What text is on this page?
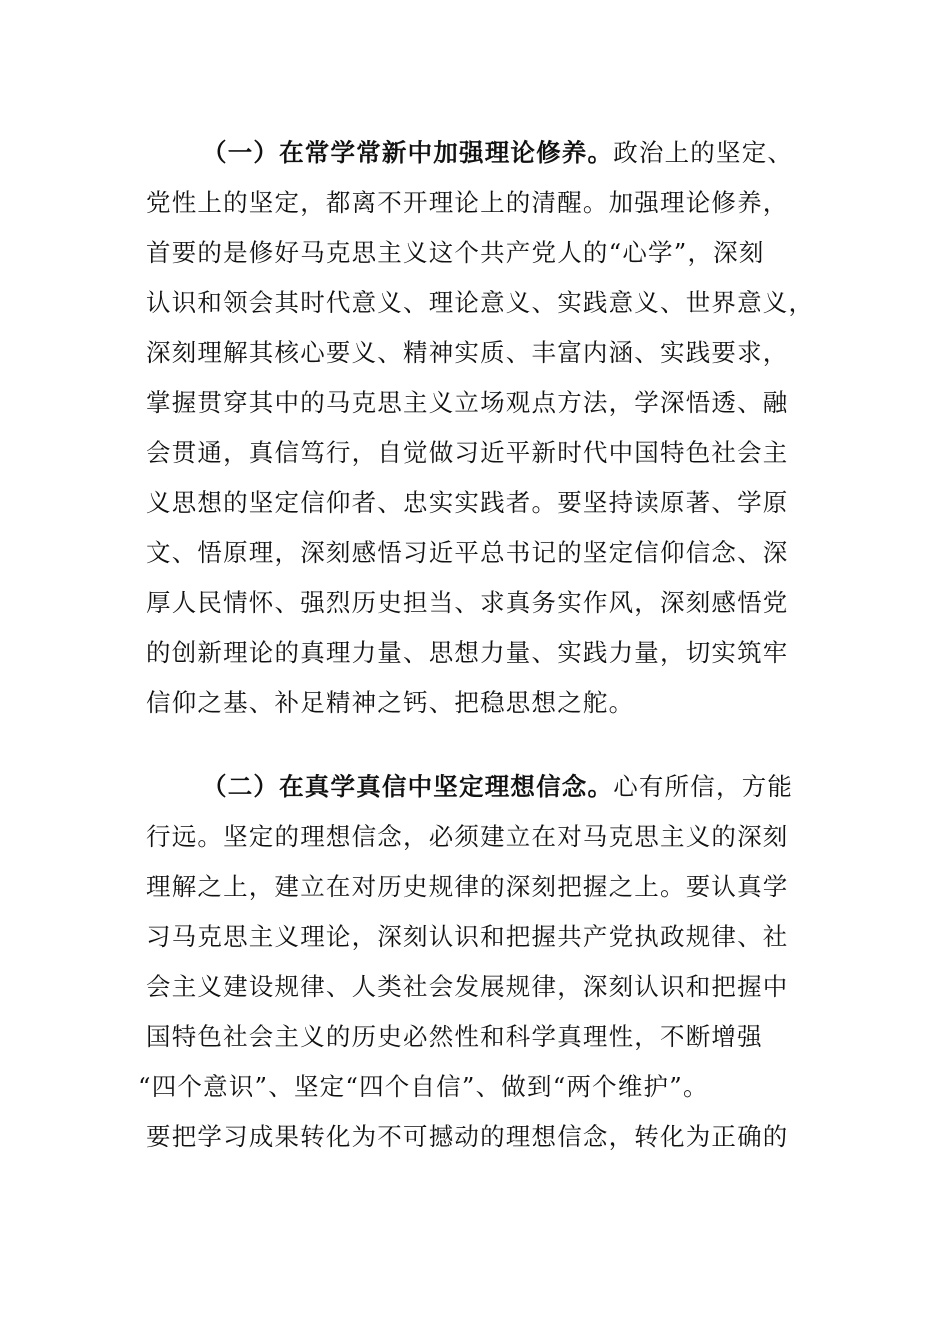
（一）在常学常新中加强理论修养。政治上的坚定、
党性上的坚定，都离不开理论上的清醒。加强理论修养，
首要的是修好马克思主义这个共产党人的“心学”，深刻
认识和领会其时代意义、理论意义、实践意义、世界意义，
深刻理解其核心要义、精神实质、丰富内涵、实践要求，
掌握贯穿其中的马克思主义立场观点方法，学深悟透、融
会贯通，真信笃行，自觉做习近平新时代中国特色社会主
义思想的坚定信仰者、忠实实践者。要坚持读原著、学原
文、悟原理，深刻感悟习近平总书记的坚定信仰信念、深
厚人民情怀、强烈历史担当、求真务实作风，深刻感悟党
的创新理论的真理力量、思想力量、实践力量，切实筑牢
信仰之基、补足精神之钙、把稳思想之舵。
（二）在真学真信中坚定理想信念。心有所信，方能
行远。坚定的理想信念，必须建立在对马克思主义的深刻
理解之上，建立在对历史规律的深刻把握之上。要认真学
习马克思主义理论，深刻认识和把握共产党执政规律、社
会主义建设规律、人类社会发展规律，深刻认识和把握中
国特色社会主义的历史必然性和科学真理性，不断增强
“四个意识”、坚定“四个自信”、做到“两个维护”。
要把学习成果转化为不可撼动的理想信念，转化为正确的
